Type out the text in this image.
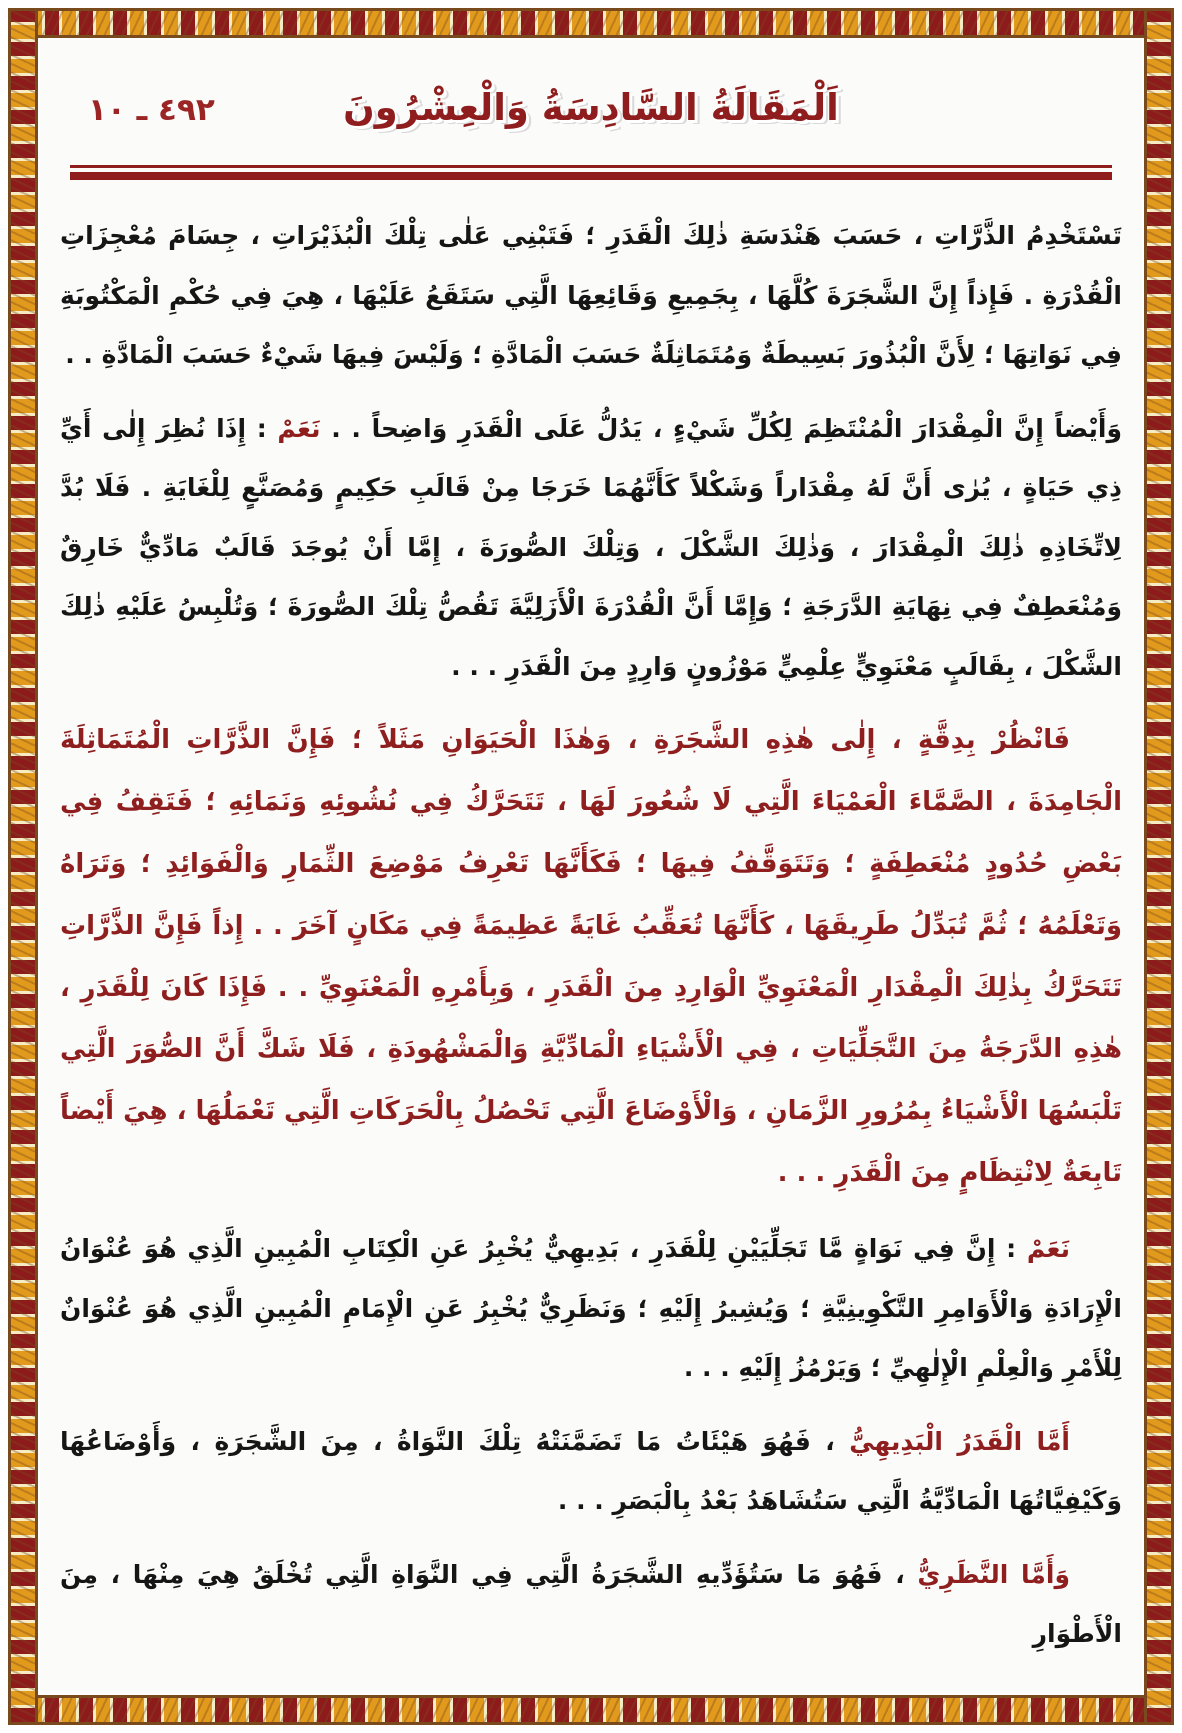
اَلْمَقَالَةُ السَّادِسَةُ وَالْعِشْرُونَ
٤٩٢ ـ ١٠
تَسْتَخْدِمُ الذَّرَّاتِ ، حَسَبَ هَنْدَسَةِ ذٰلِكَ الْقَدَرِ ؛ فَتَبْنِي عَلٰى تِلْكَ الْبُذَيْرَاتِ ، جِسَامَ مُعْجِزَاتِ الْقُدْرَةِ . فَإِذاً إِنَّ الشَّجَرَةَ كُلَّهَا ، بِجَمِيعِ وَقَائِعِهَا الَّتِي سَتَقَعُ عَلَيْهَا ، هِيَ فِي حُكْمِ الْمَكْتُوبَةِ فِي نَوَاتِهَا ؛ لِأَنَّ الْبُذُورَ بَسِيطَةٌ وَمُتَمَاثِلَةٌ حَسَبَ الْمَادَّةِ ؛ وَلَيْسَ فِيهَا شَيْءٌ حَسَبَ الْمَادَّةِ . .
وَأَيْضاً إِنَّ الْمِقْدَارَ الْمُنْتَظِمَ لِكُلِّ شَيْءٍ ، يَدُلُّ عَلَى الْقَدَرِ وَاضِحاً . . نَعَمْ : إِذَا نُظِرَ إِلٰى أَيِّ ذِي حَيَاةٍ ، يُرٰى أَنَّ لَهُ مِقْدَاراً وَشَكْلاً كَأَنَّهُمَا خَرَجَا مِنْ قَالَبِ حَكِيمٍ وَمُصَنَّعٍ لِلْغَايَةِ . فَلَا بُدَّ لِاتِّخَاذِهِ ذٰلِكَ الْمِقْدَارَ ، وَذٰلِكَ الشَّكْلَ ، وَتِلْكَ الصُّورَةَ ، إِمَّا أَنْ يُوجَدَ قَالَبٌ مَادِّيٌّ خَارِقٌ وَمُنْعَطِفٌ فِي نِهَايَةِ الدَّرَجَةِ ؛ وَإِمَّا أَنَّ الْقُدْرَةَ الْأَزَلِيَّةَ تَقُصُّ تِلْكَ الصُّورَةَ ؛ وَتُلْبِسُ عَلَيْهِ ذٰلِكَ الشَّكْلَ ، بِقَالَبٍ مَعْنَوِيٍّ عِلْمِيٍّ مَوْزُونٍ وَارِدٍ مِنَ الْقَدَرِ . . .
فَانْظُرْ بِدِقَّةٍ ، إِلٰى هٰذِهِ الشَّجَرَةِ ، وَهٰذَا الْحَيَوَانِ مَثَلاً ؛ فَإِنَّ الذَّرَّاتِ الْمُتَمَاثِلَةَ الْجَامِدَةَ ، الصَّمَّاءَ الْعَمْيَاءَ الَّتِي لَا شُعُورَ لَهَا ، تَتَحَرَّكُ فِي نُشُوئِهِ وَنَمَائِهِ ؛ فَتَقِفُ فِي بَعْضِ حُدُودٍ مُنْعَطِفَةٍ ؛ وَتَتَوَقَّفُ فِيهَا ؛ فَكَأَنَّهَا تَعْرِفُ مَوْضِعَ الثِّمَارِ وَالْفَوَائِدِ ؛ وَتَرَاهُ وَتَعْلَمُهُ ؛ ثُمَّ تُبَدِّلُ طَرِيقَهَا ، كَأَنَّهَا تُعَقِّبُ غَايَةً عَظِيمَةً فِي مَكَانٍ آخَرَ . . إِذاً فَإِنَّ الذَّرَّاتِ تَتَحَرَّكُ بِذٰلِكَ الْمِقْدَارِ الْمَعْنَوِيِّ الْوَارِدِ مِنَ الْقَدَرِ ، وَبِأَمْرِهِ الْمَعْنَوِيِّ . . فَإِذَا كَانَ لِلْقَدَرِ ، هٰذِهِ الدَّرَجَةُ مِنَ التَّجَلِّيَاتِ ، فِي الْأَشْيَاءِ الْمَادِّيَّةِ وَالْمَشْهُودَةِ ، فَلَا شَكَّ أَنَّ الصُّوَرَ الَّتِي تَلْبَسُهَا الْأَشْيَاءُ بِمُرُورِ الزَّمَانِ ، وَالْأَوْضَاعَ الَّتِي تَحْصُلُ بِالْحَرَكَاتِ الَّتِي تَعْمَلُهَا ، هِيَ أَيْضاً تَابِعَةٌ لِانْتِظَامٍ مِنَ الْقَدَرِ . . .
نَعَمْ : إِنَّ فِي نَوَاةٍ مَّا تَجَلِّيَيْنِ لِلْقَدَرِ ، بَدِيهِيٌّ يُخْبِرُ عَنِ الْكِتَابِ الْمُبِينِ الَّذِي هُوَ عُنْوَانُ الْإِرَادَةِ وَالْأَوَامِرِ التَّكْوِينِيَّةِ ؛ وَيُشِيرُ إِلَيْهِ ؛ وَنَظَرِيٌّ يُخْبِرُ عَنِ الْإِمَامِ الْمُبِينِ الَّذِي هُوَ عُنْوَانٌ لِلْأَمْرِ وَالْعِلْمِ الْإِلٰهِيِّ ؛ وَيَرْمُزُ إِلَيْهِ . . .
أَمَّا الْقَدَرُ الْبَدِيهِيُّ ، فَهُوَ هَيْئَاتُ مَا تَضَمَّنَتْهُ تِلْكَ النَّوَاةُ ، مِنَ الشَّجَرَةِ ، وَأَوْضَاعُهَا وَكَيْفِيَّاتُهَا الْمَادِّيَّةُ الَّتِي سَتُشَاهَدُ بَعْدُ بِالْبَصَرِ . . .
وَأَمَّا النَّظَرِيُّ ، فَهُوَ مَا سَتُؤَدِّيهِ الشَّجَرَةُ الَّتِي فِي النَّوَاةِ الَّتِي تُخْلَقُ هِيَ مِنْهَا ، مِنَ الْأَطْوَارِ
